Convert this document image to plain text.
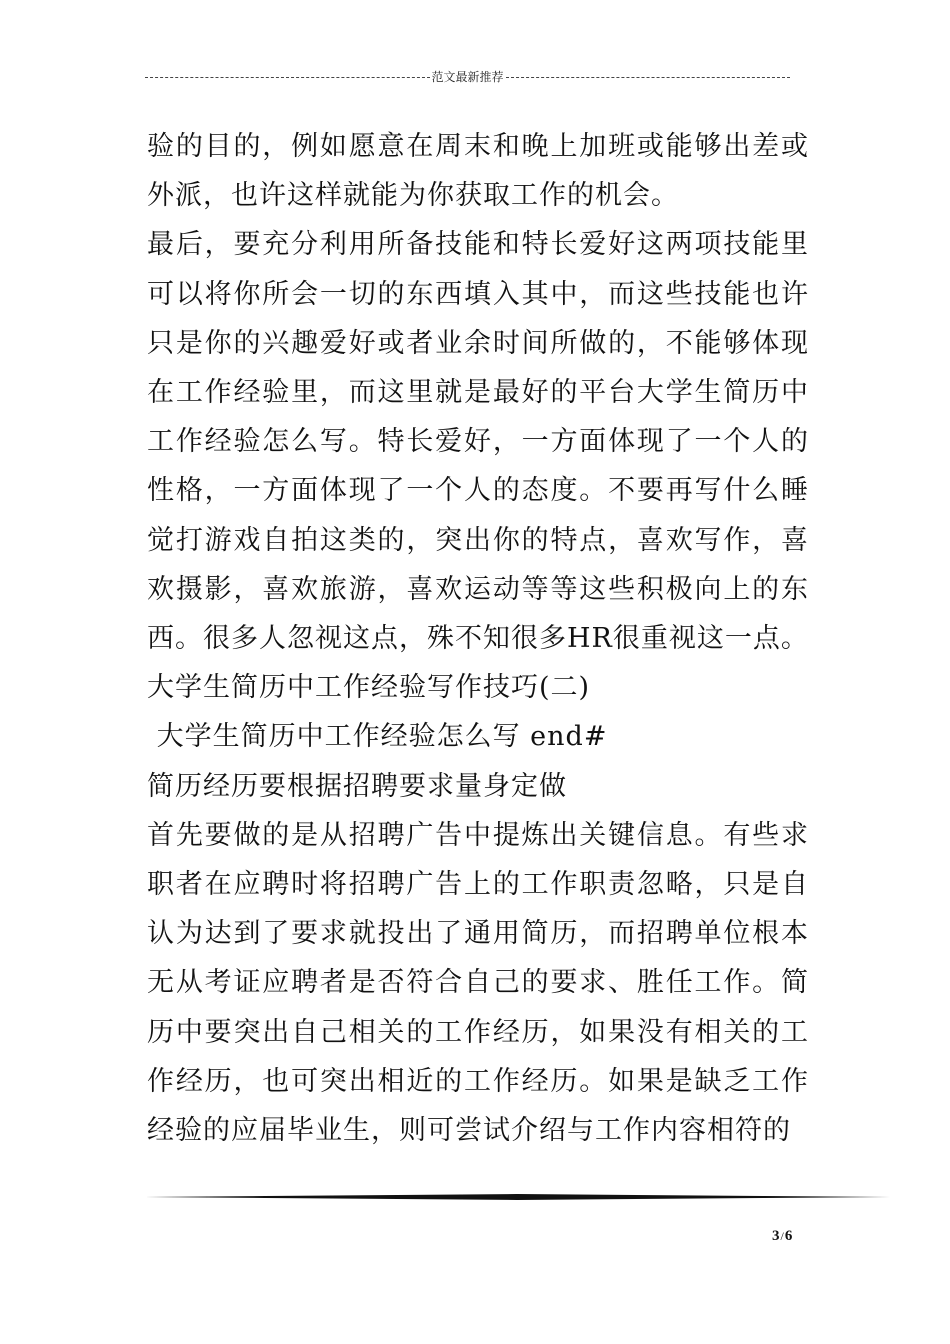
范文最新推荐

验的目的，例如愿意在周末和晚上加班或能够出差或外派，也许这样就能为你获取工作的机会。

最后，要充分利用所备技能和特长爱好这两项技能里可以将你所会一切的东西填入其中，而这些技能也许只是你的兴趣爱好或者业余时间所做的，不能够体现在工作经验里，而这里就是最好的平台大学生简历中工作经验怎么写。特长爱好，一方面体现了一个人的性格，一方面体现了一个人的态度。不要再写什么睡觉打游戏自拍这类的，突出你的特点，喜欢写作，喜欢摄影，喜欢旅游，喜欢运动等等这些积极向上的东西。很多人忽视这点，殊不知很多HR很重视这一点。

大学生简历中工作经验写作技巧(二)

大学生简历中工作经验怎么写 end#

简历经历要根据招聘要求量身定做

首先要做的是从招聘广告中提炼出关键信息。有些求职者在应聘时将招聘广告上的工作职责忽略，只是自认为达到了要求就投出了通用简历，而招聘单位根本无从考证应聘者是否符合自己的要求、胜任工作。简历中要突出自己相关的工作经历，如果没有相关的工作经历，也可突出相近的工作经历。如果是缺乏工作经验的应届毕业生，则可尝试介绍与工作内容相符的

3/6
